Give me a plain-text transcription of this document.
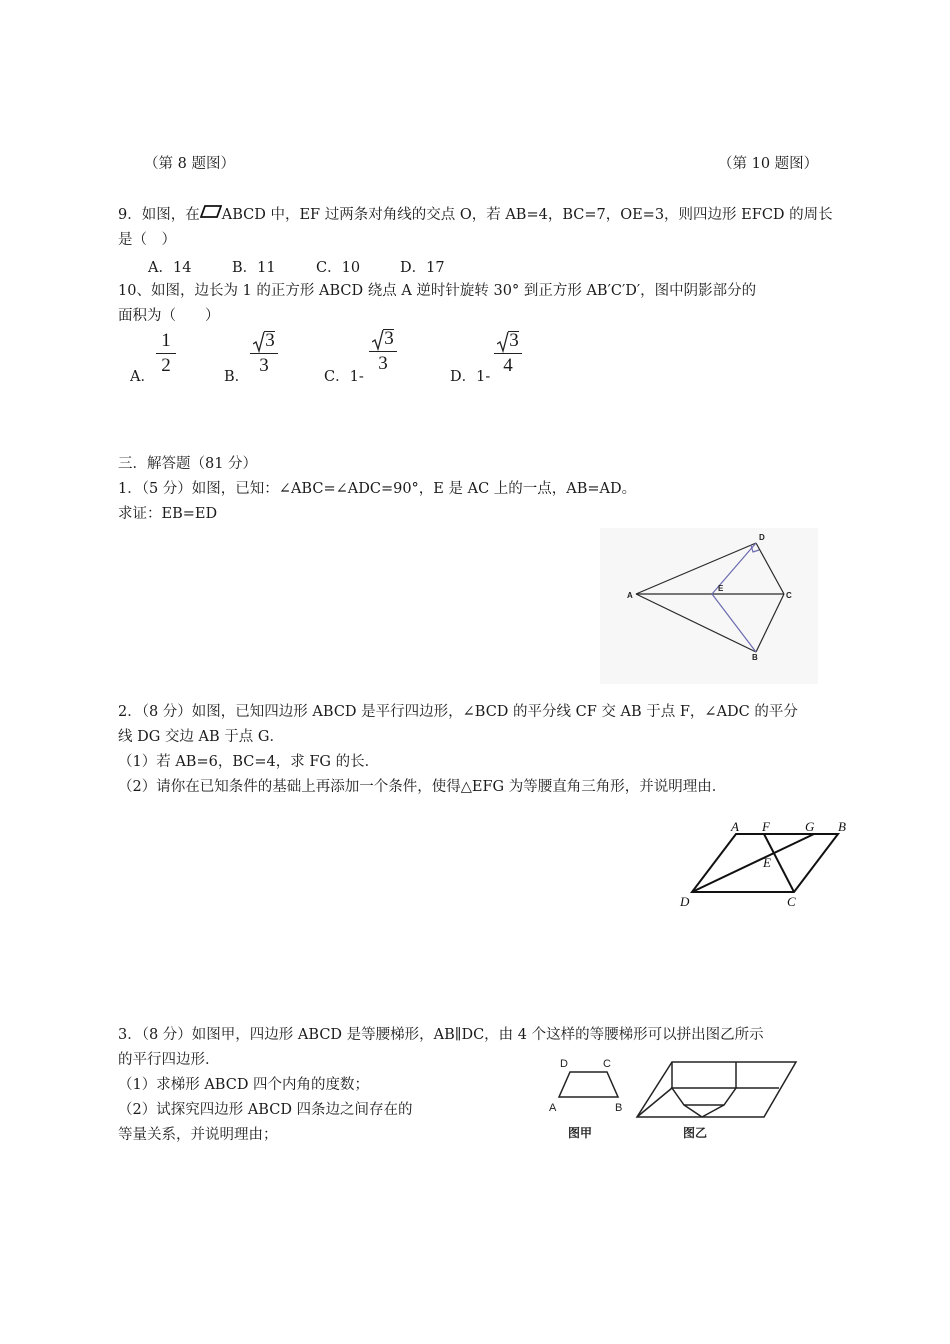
（第 8 题图）	（第 10 题图）
9．如图，在 ABCD 中，EF 过两条对角线的交点 O，若 AB=4，BC=7，OE=3，则四边形 EFCD 的周长
是（　）
A．14	B．11	C．10	D．17
10、如图，边长为 1 的正方形 ABCD 绕点 A 逆时针旋转 30° 到正方形 AB′C′D′，图中阴影部分的
面积为（　　）
A．
1
2
B．
3
3
C．1-
3
3
D．1-
3
4
三．解答题（81 分）
1．（5 分）如图，已知：∠ABC=∠ADC=90°，E 是 AC 上的一点，AB=AD。
求证：EB=ED
A
D
E
C
B
2．（8 分）如图，已知四边形 ABCD 是平行四边形，∠BCD 的平分线 CF 交 AB 于点 F，∠ADC 的平分
线 DG 交边 AB 于点 G．
（1）若 AB=6，BC=4，求 FG 的长．
（2）请你在已知条件的基础上再添加一个条件，使得△EFG 为等腰直角三角形，并说明理由．
A F	G B
E
D	C
3．（8 分）如图甲，四边形 ABCD 是等腰梯形，AB∥DC，由 4 个这样的等腰梯形可以拼出图乙所示
的平行四边形．
（1）求梯形 ABCD 四个内角的度数；
（2）试探究四边形 ABCD 四条边之间存在的
等量关系，并说明理由；
D	C
A	B
图甲	图乙
